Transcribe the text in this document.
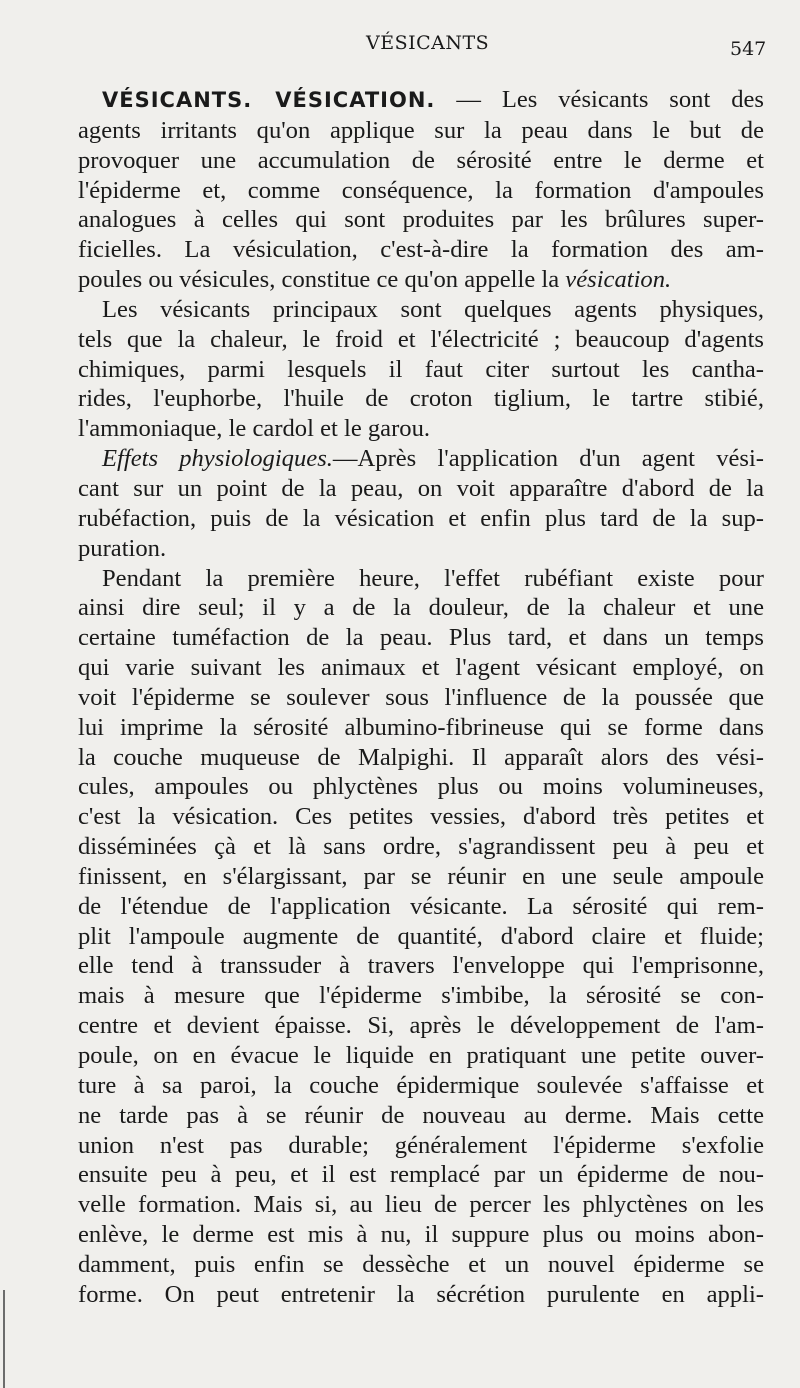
VÉSICANTS	547
VÉSICANTS. VÉSICATION. — Les vésicants sont des
agents irritants qu'on applique sur la peau dans le but de
provoquer une accumulation de sérosité entre le derme et
l'épiderme et, comme conséquence, la formation d'ampoules
analogues à celles qui sont produites par les brûlures super-
ficielles. La vésiculation, c'est-à-dire la formation des am-
poules ou vésicules, constitue ce qu'on appelle la vésication.
Les vésicants principaux sont quelques agents physiques,
tels que la chaleur, le froid et l'électricité ; beaucoup d'agents
chimiques, parmi lesquels il faut citer surtout les cantha-
rides, l'euphorbe, l'huile de croton tiglium, le tartre stibié,
l'ammoniaque, le cardol et le garou.
Effets physiologiques.—Après l'application d'un agent vési-
cant sur un point de la peau, on voit apparaître d'abord de la
rubéfaction, puis de la vésication et enfin plus tard de la sup-
puration.
Pendant la première heure, l'effet rubéfiant existe pour
ainsi dire seul; il y a de la douleur, de la chaleur et une
certaine tuméfaction de la peau. Plus tard, et dans un temps
qui varie suivant les animaux et l'agent vésicant employé, on
voit l'épiderme se soulever sous l'influence de la poussée que
lui imprime la sérosité albumino-fibrineuse qui se forme dans
la couche muqueuse de Malpighi. Il apparaît alors des vési-
cules, ampoules ou phlyctènes plus ou moins volumineuses,
c'est la vésication. Ces petites vessies, d'abord très petites et
disséminées çà et là sans ordre, s'agrandissent peu à peu et
finissent, en s'élargissant, par se réunir en une seule ampoule
de l'étendue de l'application vésicante. La sérosité qui rem-
plit l'ampoule augmente de quantité, d'abord claire et fluide;
elle tend à transsuder à travers l'enveloppe qui l'emprisonne,
mais à mesure que l'épiderme s'imbibe, la sérosité se con-
centre et devient épaisse. Si, après le développement de l'am-
poule, on en évacue le liquide en pratiquant une petite ouver-
ture à sa paroi, la couche épidermique soulevée s'affaisse et
ne tarde pas à se réunir de nouveau au derme. Mais cette
union n'est pas durable; généralement l'épiderme s'exfolie
ensuite peu à peu, et il est remplacé par un épiderme de nou-
velle formation. Mais si, au lieu de percer les phlyctènes on les
enlève, le derme est mis à nu, il suppure plus ou moins abon-
damment, puis enfin se dessèche et un nouvel épiderme se
forme. On peut entretenir la sécrétion purulente en appli-
